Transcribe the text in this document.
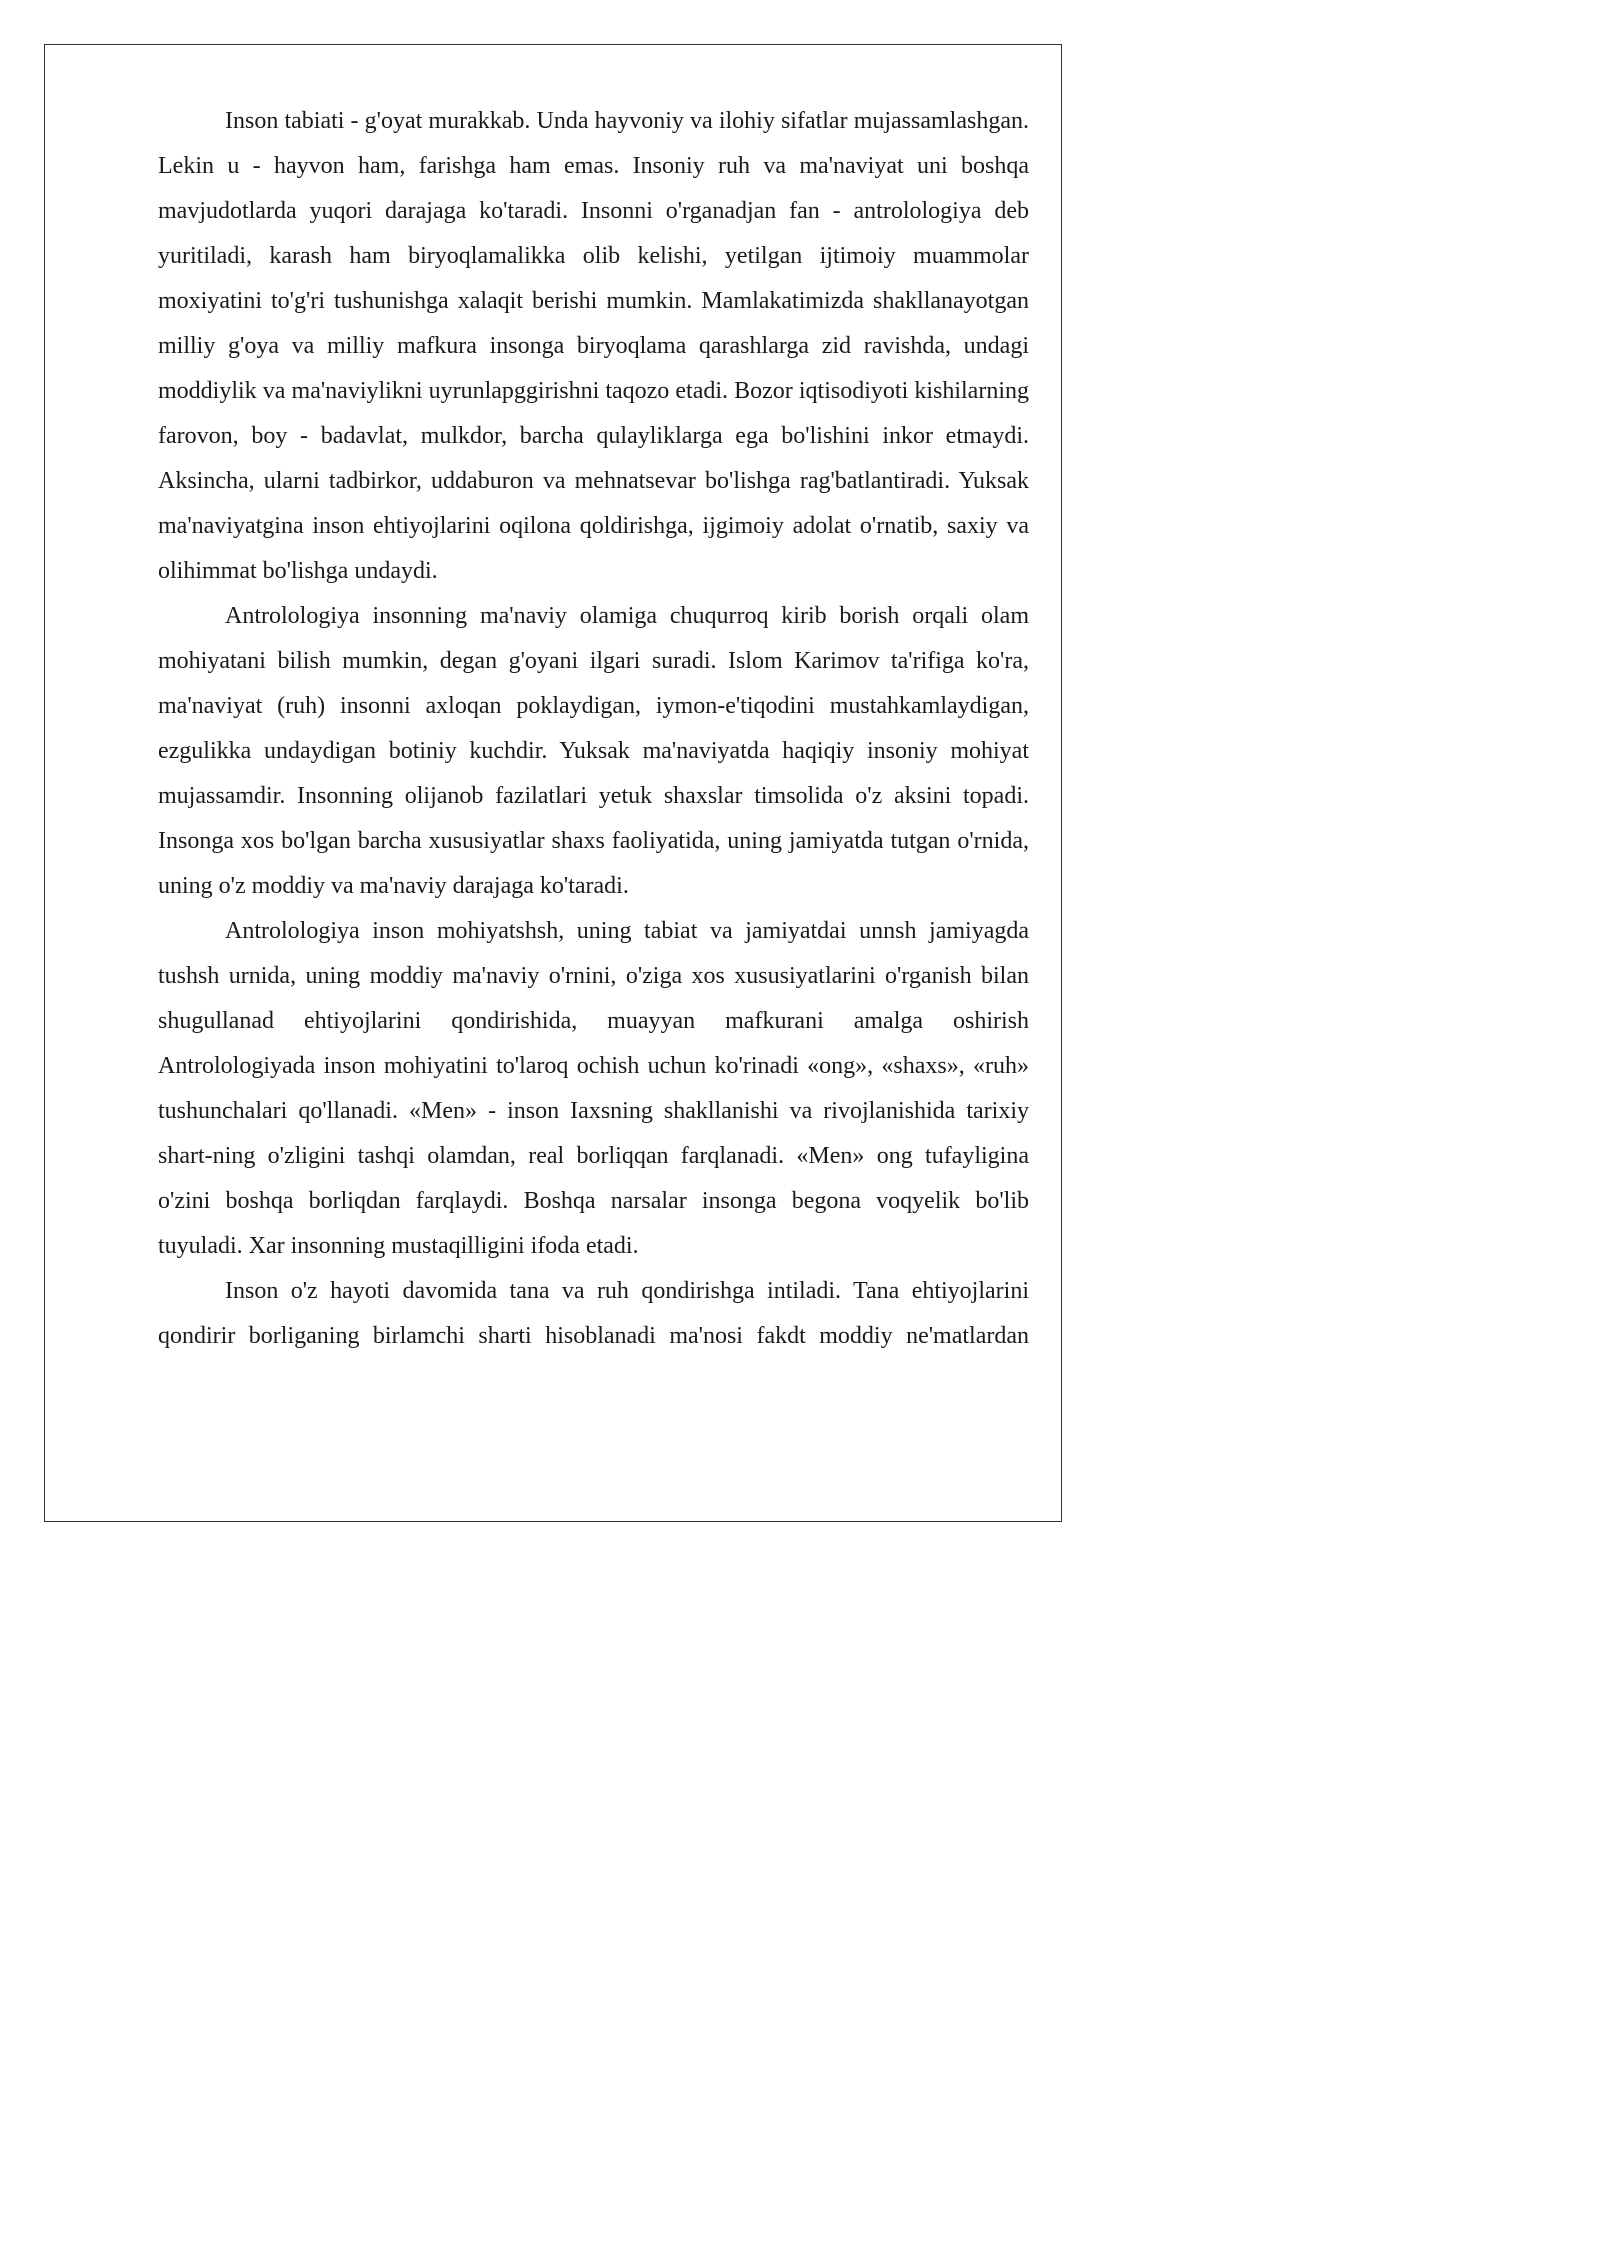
Inson tabiati - g'oyat murakkab. Unda hayvoniy va ilohiy sifatlar mujassamlashgan. Lekin u - hayvon ham, farishga ham emas. Insoniy ruh va ma'naviyat uni boshqa mavjudotlarda yuqori darajaga ko'taradi. Insonni o'rganadjan fan - antrolologiya deb yuritiladi, karash ham biryoqlamalikka olib kelishi, yetilgan ijtimoiy muammolar moxiyatini to'g'ri tushunishga xalaqit berishi mumkin. Mamlakatimizda shakllanayotgan milliy g'oya va milliy mafkura insonga biryoqlama qarashlarga zid ravishda, undagi moddiylik va ma'naviylikni uyrunlapggirishni taqozo etadi. Bozor iqtisodiyoti kishilarning farovon, boy - badavlat, mulkdor, barcha qulayliklarga ega bo'lishini inkor etmaydi. Aksincha, ularni tadbirkor, uddaburon va mehnatsevar bo'lishga rag'batlantiradi. Yuksak ma'naviyatgina inson ehtiyojlarini oqilona qoldirishga, ijgimoiy adolat o'rnatib, saxiy va olihimmat bo'lishga undaydi.

Antrolologiya insonning ma'naviy olamiga chuqurroq kirib borish orqali olam mohiyatani bilish mumkin, degan g'oyani ilgari suradi. Islom Karimov ta'rifiga ko'ra, ma'naviyat (ruh) insonni axloqan poklaydigan, iymon-e'tiqodini mustahkamlaydigan, ezgulikka undaydigan botiniy kuchdir. Yuksak ma'naviyatda haqiqiy insoniy mohiyat mujassamdir. Insonning olijanob fazilatlari yetuk shaxslar timsolida o'z aksini topadi. Insonga xos bo'lgan barcha xususiyatlar shaxs faoliyatida, uning jamiyatda tutgan o'rnida, uning o'z moddiy va ma'naviy darajaga ko'taradi.

Antrolologiya inson mohiyatshsh, uning tabiat va jamiyatdai unnsh jamiyagda tushsh urnida, uning moddiy ma'naviy o'rnini, o'ziga xos xususiyatlarini o'rganish bilan shugullanad ehtiyojlarini qondirishida, muayyan mafkurani amalga oshirish Antrolologiyada inson mohiyatini to'laroq ochish uchun ko'rinadi «ong», «shaxs», «ruh» tushunchalari qo'llanadi. «Men» - inson Iaxsning shakllanishi va rivojlanishida tarixiy shart-ning o'zligini tashqi olamdan, real borliqqan farqlanadi. «Men» ong tufayligina o'zini boshqa borliqdan farqlaydi. Boshqa narsalar insonga begona voqyelik bo'lib tuyuladi. Xar insonning mustaqilligini ifoda etadi.

Inson o'z hayoti davomida tana va ruh qondirishga intiladi. Tana ehtiyojlarini qondirir borliganing birlamchi sharti hisoblanadi ma'nosi fakdt moddiy ne'matlardan
